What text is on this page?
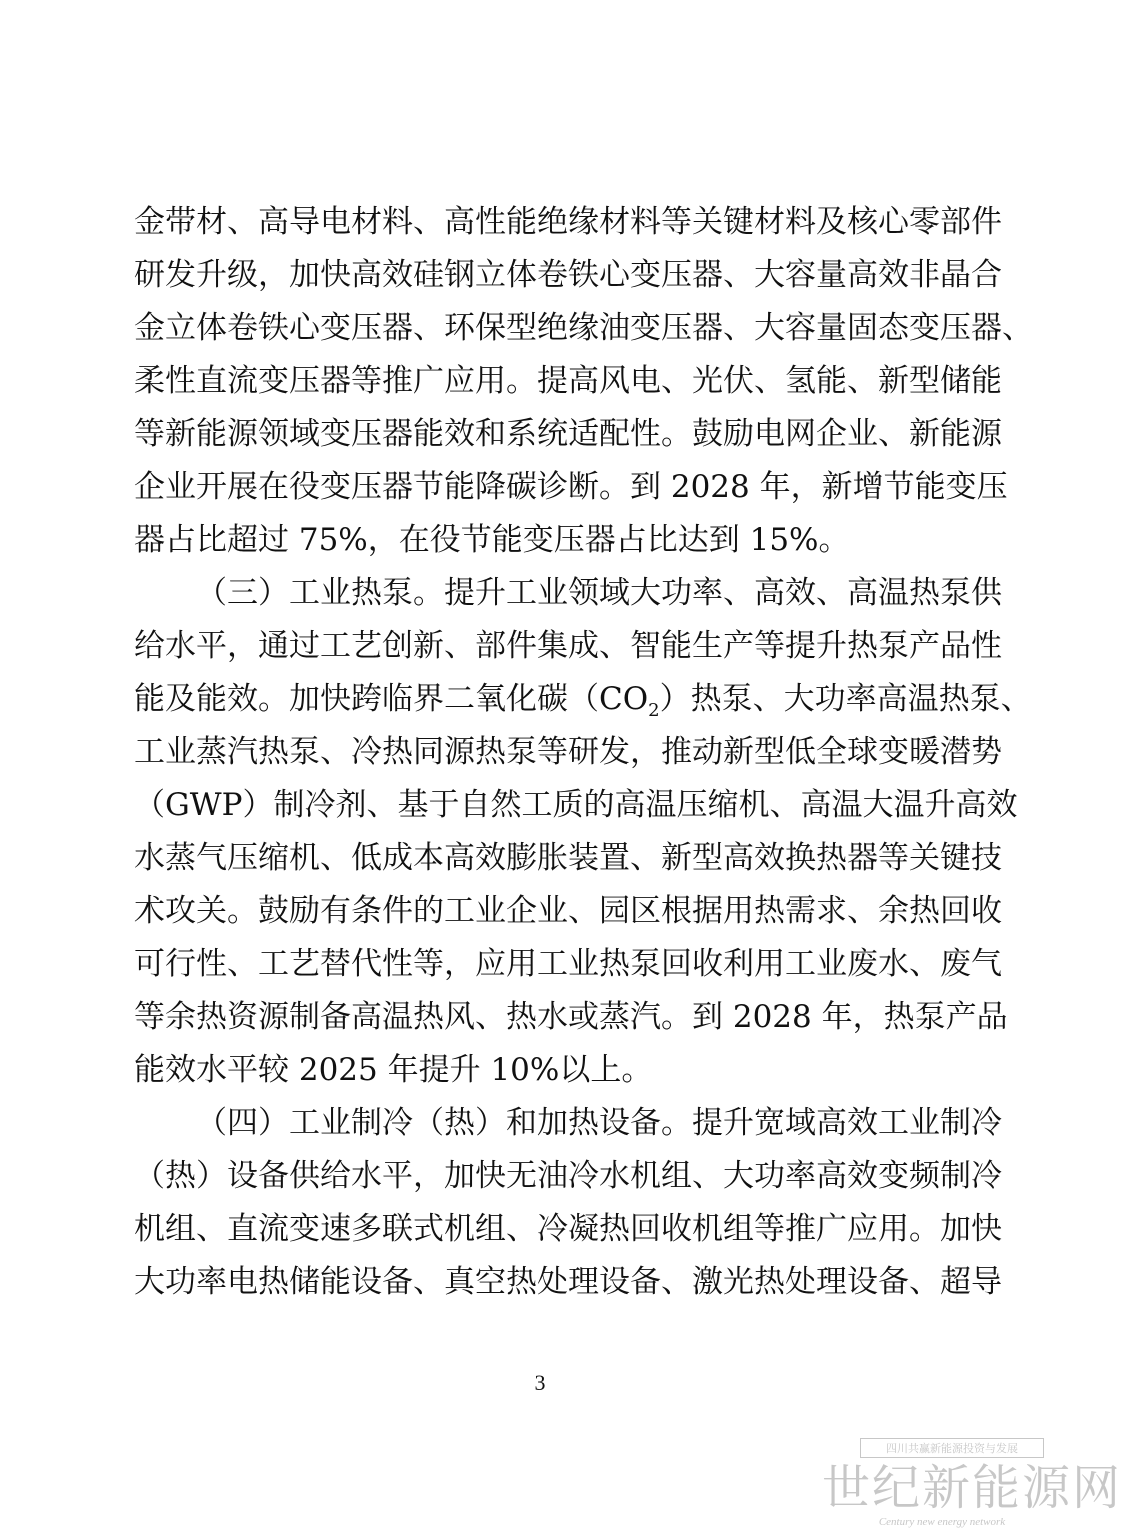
金带材、高导电材料、高性能绝缘材料等关键材料及核心零部件
研发升级，加快高效硅钢立体卷铁心变压器、大容量高效非晶合
金立体卷铁心变压器、环保型绝缘油变压器、大容量固态变压器、
柔性直流变压器等推广应用。提高风电、光伏、氢能、新型储能
等新能源领域变压器能效和系统适配性。鼓励电网企业、新能源
企业开展在役变压器节能降碳诊断。到 2028 年，新增节能变压
器占比超过 75%，在役节能变压器占比达到 15%。
（三）工业热泵。提升工业领域大功率、高效、高温热泵供
给水平，通过工艺创新、部件集成、智能生产等提升热泵产品性
能及能效。加快跨临界二氧化碳$(CO_2)$热泵、大功率高温热泵、
工业蒸汽热泵、冷热同源热泵等研发，推动新型低全球变暖潜势
（GWP）制冷剂、基于自然工质的高温压缩机、高温大温升高效
水蒸气压缩机、低成本高效膨胀装置、新型高效换热器等关键技
术攻关。鼓励有条件的工业企业、园区根据用热需求、余热回收
可行性、工艺替代性等，应用工业热泵回收利用工业废水、废气
等余热资源制备高温热风、热水或蒸汽。到 2028 年，热泵产品
能效水平较 2025 年提升 10%以上。
（四）工业制冷（热）和加热设备。提升宽域高效工业制冷
（热）设备供给水平，加快无油冷水机组、大功率高效变频制冷
机组、直流变速多联式机组、冷凝热回收机组等推广应用。加快
大功率电热储能设备、真空热处理设备、激光热处理设备、超导
3
四川共赢新能源投资与发展
世纪新能源网
Century new energy network
